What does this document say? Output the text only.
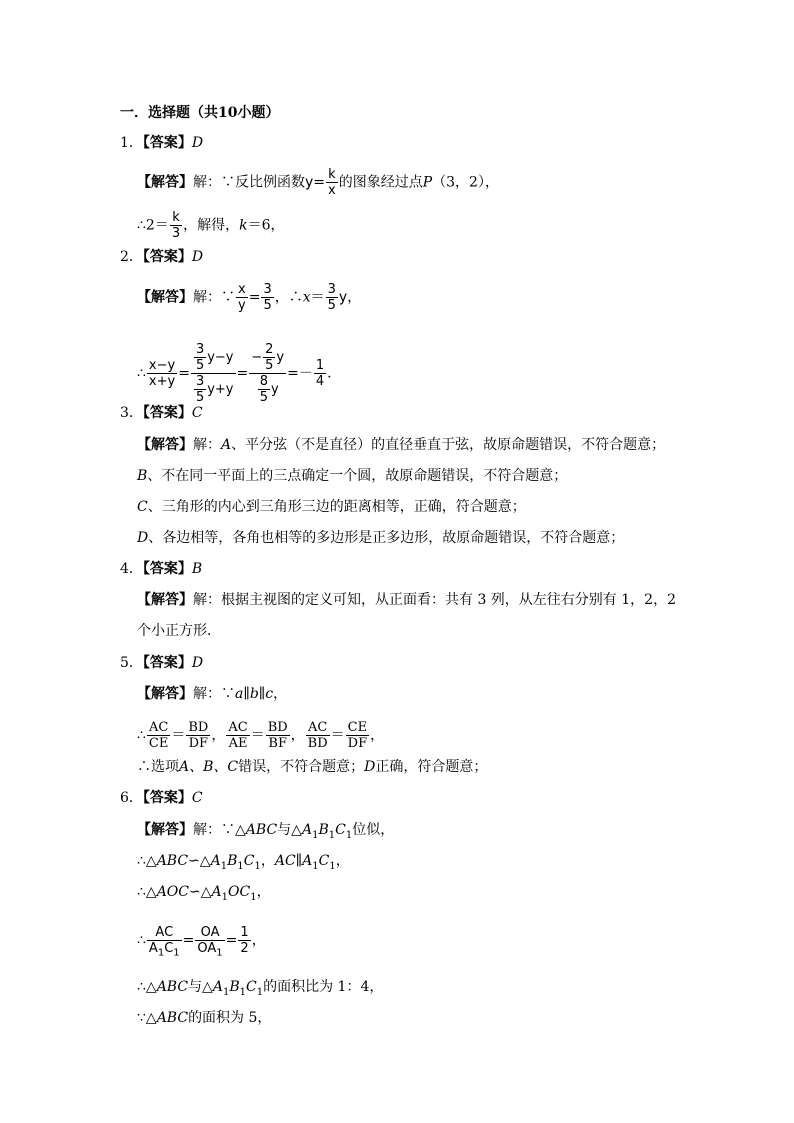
一．选择题（共10小题）
1．【答案】D
【解答】解：∵反比例函数$y= \frac{k}{x}$ 的图象经过点P（3，2），
∴2＝ $\frac{k}{3}$ ，解得，k＝6，
2．【答案】D
【解答】解：∵ $\frac{x}{y} = \frac{3}{5}$ ，∴x＝ $\frac{3}{5}$ y，
∴ $\frac{x-y}{x+y} = \frac{\frac{3}{5} y-y}{\frac{3}{5} y+y} = \frac{- \frac{2}{5} y}{\frac{8}{5} y} =- \frac{1}{4}$ .
3．【答案】C
【解答】解：A、平分弦（不是直径）的直径垂直于弦，故原命题错误，不符合题意；
B、不在同一平面上的三点确定一个圆，故原命题错误，不符合题意；
C、三角形的内心到三角形三边的距离相等，正确，符合题意；
D、各边相等，各角也相等的多边形是正多边形，故原命题错误，不符合题意；
4．【答案】B
【解答】解：根据主视图的定义可知，从正面看：共有 3 列，从左往右分别有 1，2，2
个小正方形．
5．【答案】D
【解答】解：∵a∥b∥c，
∴ $\frac{AC}{CE} = \frac{BD}{DF}$ ， $\frac{AC}{AE} = \frac{BD}{BF}$ ， $\frac{AC}{BD} = \frac{CE}{DF}$ ，
∴选项A、B、C错误，不符合题意；D正确，符合题意；
6．【答案】C
【解答】解：∵△ABC与$\triangle A_1B_1C_1$位似，
$\therefore\triangle ABC∽\triangle A_1B_1C_1$，$AC\parallel A_1C_1$，
$\therefore\triangle AOC∽\triangle A_1OC_1$，
∴ $\frac{AC}{A_1C_1} = \frac{OA}{OA_1} = \frac{1}{2}$ ，
∴△ABC与$\triangle A_1B_1C_1$的面积比为 1：4，
∵△ABC的面积为 5，
